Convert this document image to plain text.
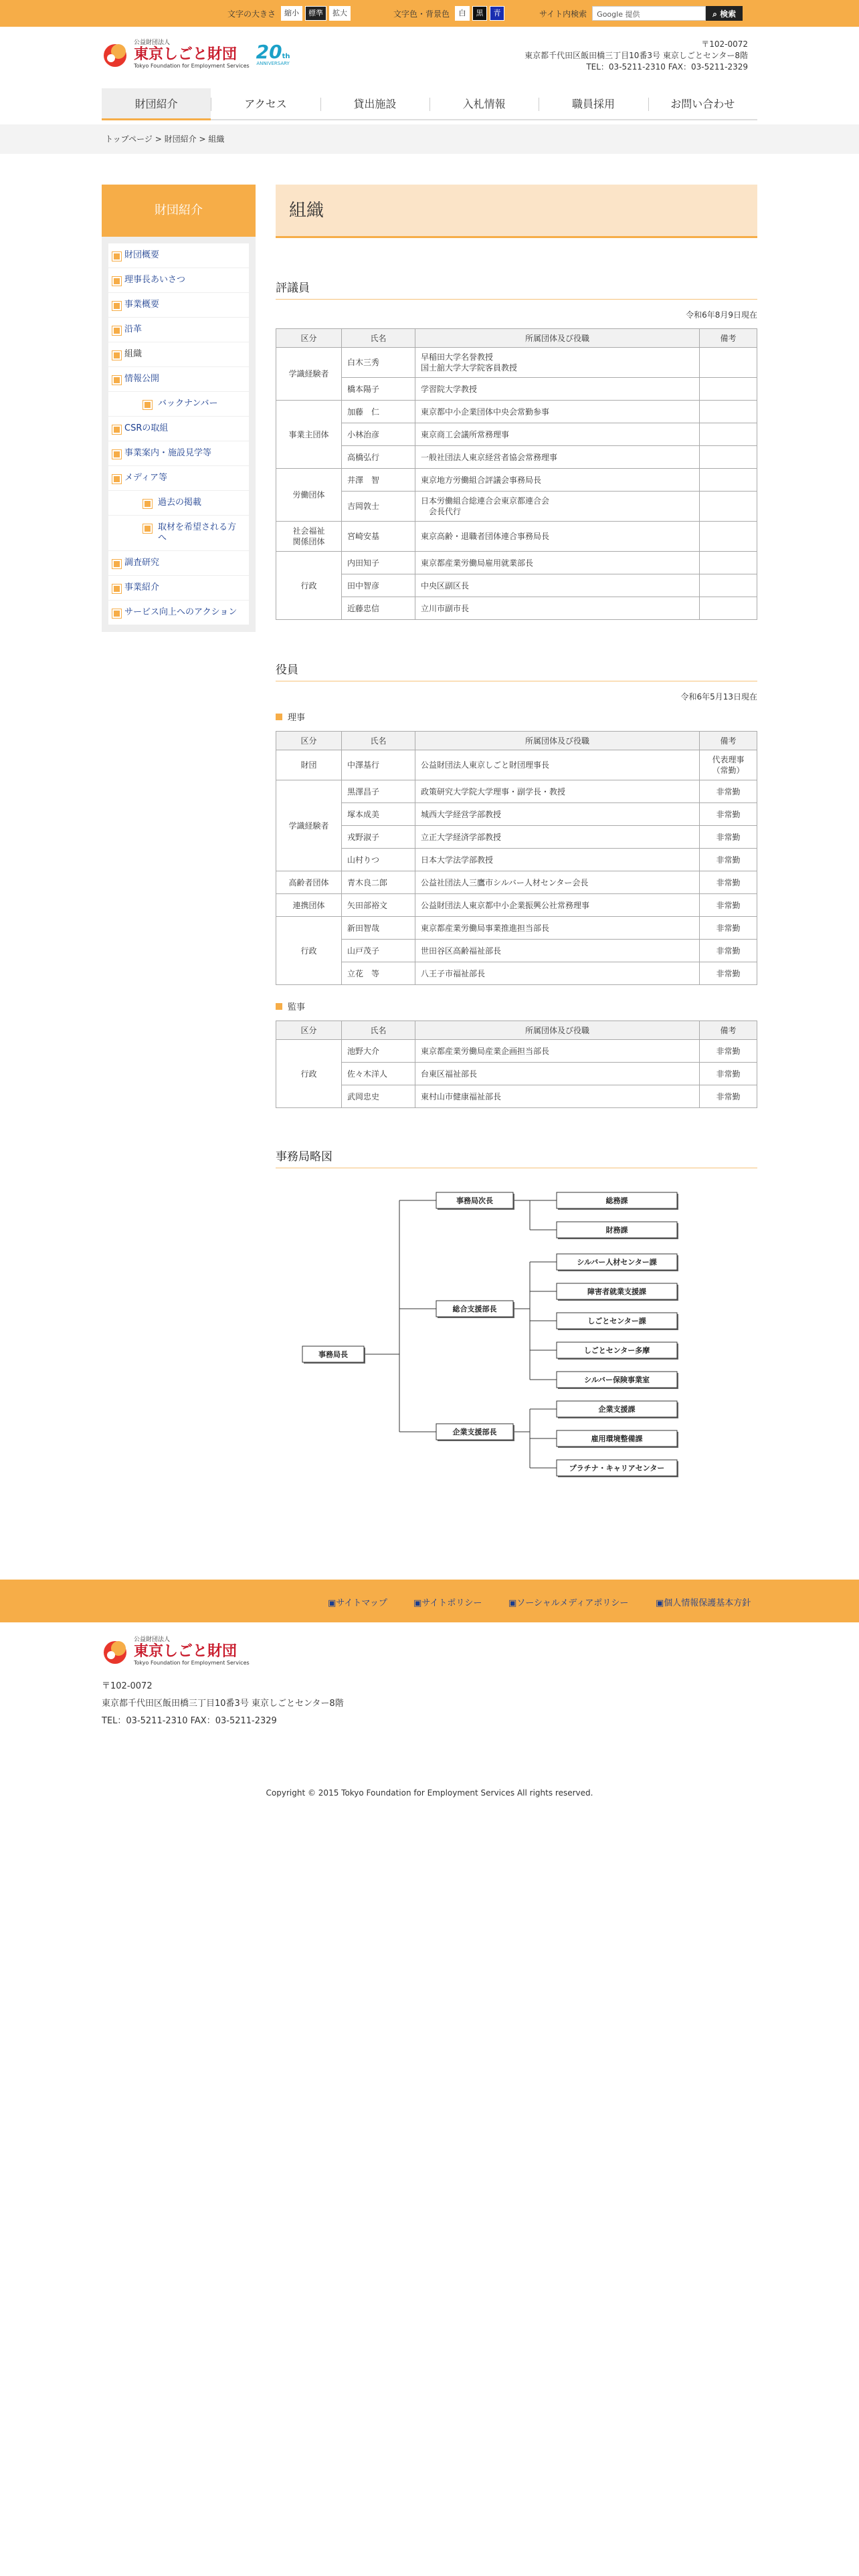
文字の大きさ	縮小	標準	拡大	文字色・背景色	白	黒	青	サイト内検索 Google 提供	⌕ 検索
公益財団法人
東京しごと財団
Tokyo Foundation for Employment Services
20th
ANNIVERSARY
〒102-0072
東京都千代田区飯田橋三丁目10番3号 東京しごとセンター8階
TEL：03-5211-2310 FAX：03-5211-2329
財団紹介	アクセス	貸出施設	入札情報	職員採用	お問い合わせ
トップページ > 財団紹介 > 組織
財団紹介
財団概要
理事長あいさつ
事業概要
沿革
組織
情報公開
バックナンバー
CSRの取組
事業案内・施設見学等
メディア等
過去の掲載
取材を希望される方へ
調査研究
事業紹介
サービス向上へのアクション
組織
評議員
令和6年8月9日現在
区分	氏名	所属団体及び役職	備考
学識経験者	白木三秀	早稲田大学名誉教授
国士舘大学大学院客員教授	
	橋本陽子	学習院大学教授	
事業主団体	加藤　仁	東京都中小企業団体中央会常勤参事	
	小林治彦	東京商工会議所常務理事	
	高橋弘行	一般社団法人東京経営者協会常務理事	
労働団体	井澤　智	東京地方労働組合評議会事務局長	
	吉岡敦士	日本労働組合総連合会東京都連合会
　会長代行	
社会福祉
関係団体	宮崎安基	東京高齢・退職者団体連合事務局長	
行政	内田知子	東京都産業労働局雇用就業部長	
	田中智彦	中央区副区長	
	近藤忠信	立川市副市長	
役員
令和6年5月13日現在
理事
区分	氏名	所属団体及び役職	備考
財団	中澤基行	公益財団法人東京しごと財団理事長	代表理事
（常勤）
学識経験者	黒澤昌子	政策研究大学院大学理事・副学長・教授	非常勤
	塚本成美	城西大学経営学部教授	非常勤
	戎野淑子	立正大学経済学部教授	非常勤
	山村りつ	日本大学法学部教授	非常勤
高齢者団体	青木良二郎	公益社団法人三鷹市シルバー人材センター会長	非常勤
連携団体	矢田部裕文	公益財団法人東京都中小企業振興公社常務理事	非常勤
行政	新田智哉	東京都産業労働局事業推進担当部長	非常勤
	山戸茂子	世田谷区高齢福祉部長	非常勤
	立花　等	八王子市福祉部長	非常勤
監事
区分	氏名	所属団体及び役職	備考
行政	池野大介	東京都産業労働局産業企画担当部長	非常勤
	佐々木洋人	台東区福祉部長	非常勤
	武岡忠史	東村山市健康福祉部長	非常勤
事務局略図
事務局長
事務局次長
総合支援部長
企業支援部長
総務課
財務課
シルバー人材センター課
障害者就業支援課
しごとセンター課
しごとセンター多摩
シルバー保険事業室
企業支援課
雇用環境整備課
プラチナ・キャリアセンター
▣サイトマップ	▣サイトポリシー	▣ソーシャルメディアポリシー	▣個人情報保護基本方針
公益財団法人
東京しごと財団
Tokyo Foundation for Employment Services
〒102-0072
東京都千代田区飯田橋三丁目10番3号 東京しごとセンター8階
TEL：03-5211-2310 FAX：03-5211-2329
Copyright © 2015 Tokyo Foundation for Employment Services All rights reserved.
